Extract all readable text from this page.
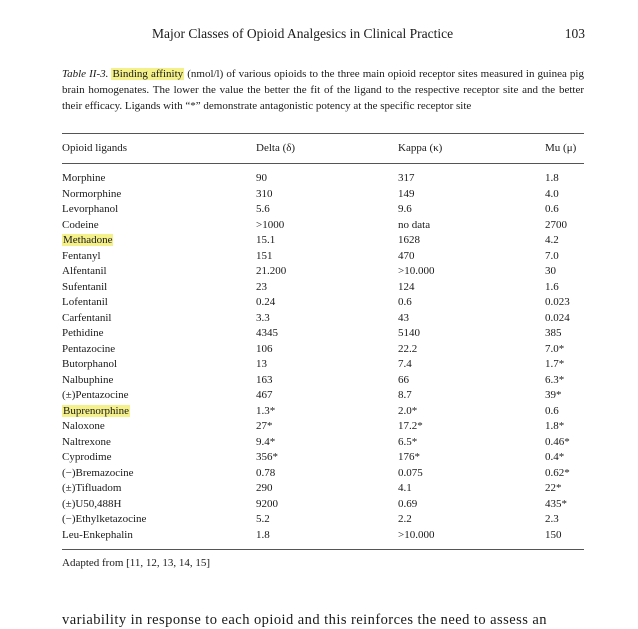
Major Classes of Opioid Analgesics in Clinical Practice	103
Table II-3. Binding affinity (nmol/l) of various opioids to the three main opioid receptor sites measured in guinea pig brain homogenates. The lower the value the better the fit of the ligand to the respective receptor site and the better their efficacy. Ligands with “*” demonstrate antagonistic potency at the specific receptor site
Opioid ligands	Delta (δ)	Kappa (κ)	Mu (μ)
Morphine	90	317	1.8
Normorphine	310	149	4.0
Levorphanol	5.6	9.6	0.6
Codeine	>1000	no data	2700
Methadone	15.1	1628	4.2
Fentanyl	151	470	7.0
Alfentanil	21.200	>10.000	30
Sufentanil	23	124	1.6
Lofentanil	0.24	0.6	0.023
Carfentanil	3.3	43	0.024
Pethidine	4345	5140	385
Pentazocine	106	22.2	7.0*
Butorphanol	13	7.4	1.7*
Nalbuphine	163	66	6.3*
(±)Pentazocine	467	8.7	39*
Buprenorphine	1.3*	2.0*	0.6
Naloxone	27*	17.2*	1.8*
Naltrexone	9.4*	6.5*	0.46*
Cyprodime	356*	176*	0.4*
(−)Bremazocine	0.78	0.075	0.62*
(±)Tifluadom	290	4.1	22*
(±)U50,488H	9200	0.69	435*
(−)Ethylketazocine	5.2	2.2	2.3
Leu-Enkephalin	1.8	>10.000	150
Adapted from [11, 12, 13, 14, 15]
variability in response to each opioid and this reinforces the need to assess an
